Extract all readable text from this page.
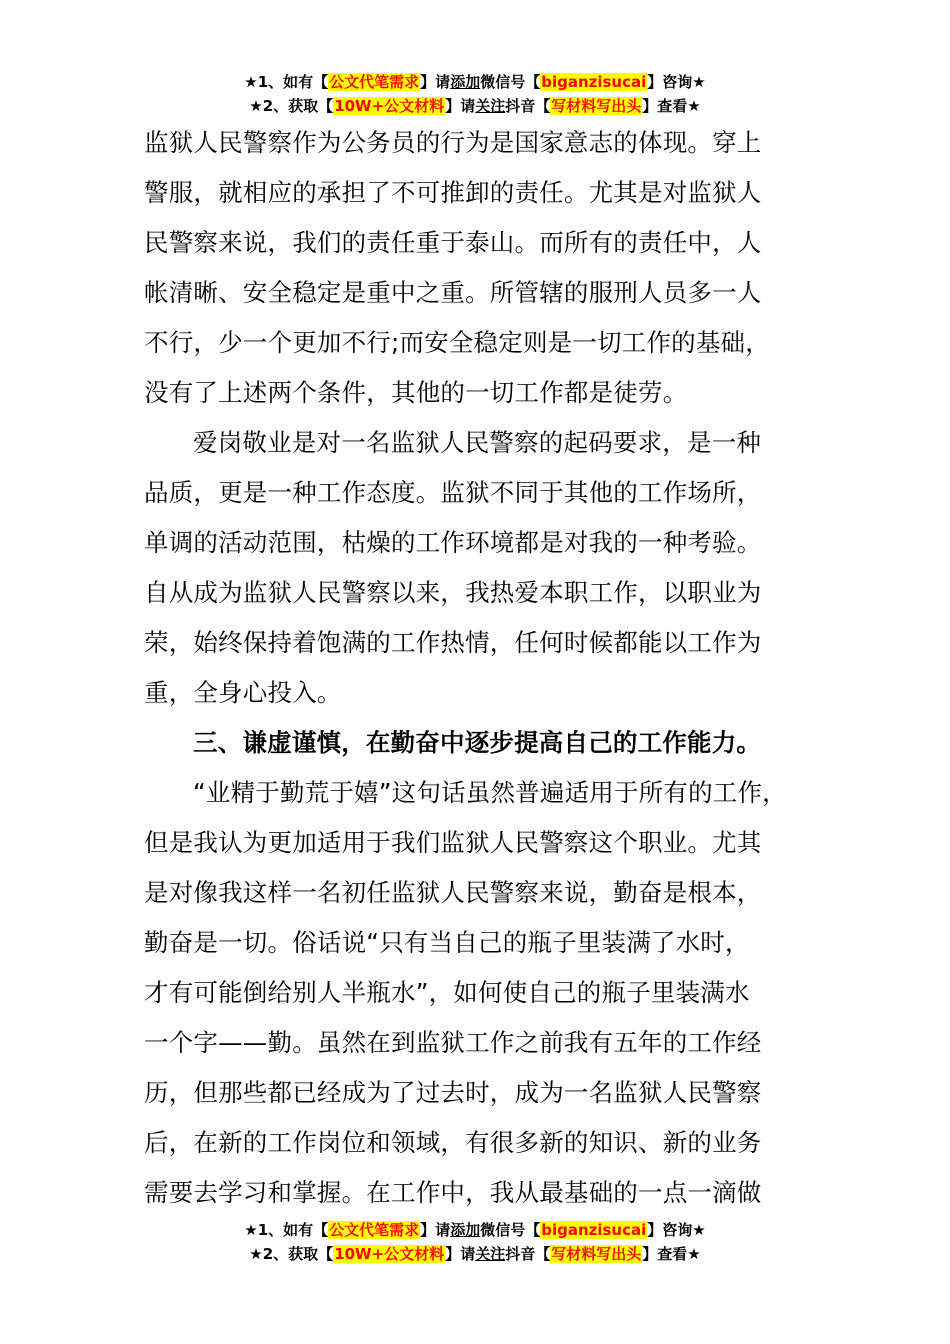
★1、如有【公文代笔需求】请添加微信号【biganzisucai】咨询★
★2、获取【10W+公文材料】请关注抖音【写材料写出头】查看★
监狱人民警察作为公务员的行为是国家意志的体现。穿上
警服，就相应的承担了不可推卸的责任。尤其是对监狱人
民警察来说，我们的责任重于泰山。而所有的责任中，人
帐清晰、安全稳定是重中之重。所管辖的服刑人员多一人
不行，少一个更加不行;而安全稳定则是一切工作的基础，
没有了上述两个条件，其他的一切工作都是徒劳。
爱岗敬业是对一名监狱人民警察的起码要求，是一种
品质，更是一种工作态度。监狱不同于其他的工作场所，
单调的活动范围，枯燥的工作环境都是对我的一种考验。
自从成为监狱人民警察以来，我热爱本职工作，以职业为
荣，始终保持着饱满的工作热情，任何时候都能以工作为
重，全身心投入。
三、谦虚谨慎，在勤奋中逐步提高自己的工作能力。
“业精于勤荒于嬉”这句话虽然普遍适用于所有的工作，
但是我认为更加适用于我们监狱人民警察这个职业。尤其
是对像我这样一名初任监狱人民警察来说，勤奋是根本，
勤奋是一切。俗话说“只有当自己的瓶子里装满了水时，
才有可能倒给别人半瓶水”，如何使自己的瓶子里装满水
一个字——勤。虽然在到监狱工作之前我有五年的工作经
历，但那些都已经成为了过去时，成为一名监狱人民警察
后，在新的工作岗位和领域，有很多新的知识、新的业务
需要去学习和掌握。在工作中，我从最基础的一点一滴做
★1、如有【公文代笔需求】请添加微信号【biganzisucai】咨询★
★2、获取【10W+公文材料】请关注抖音【写材料写出头】查看★
